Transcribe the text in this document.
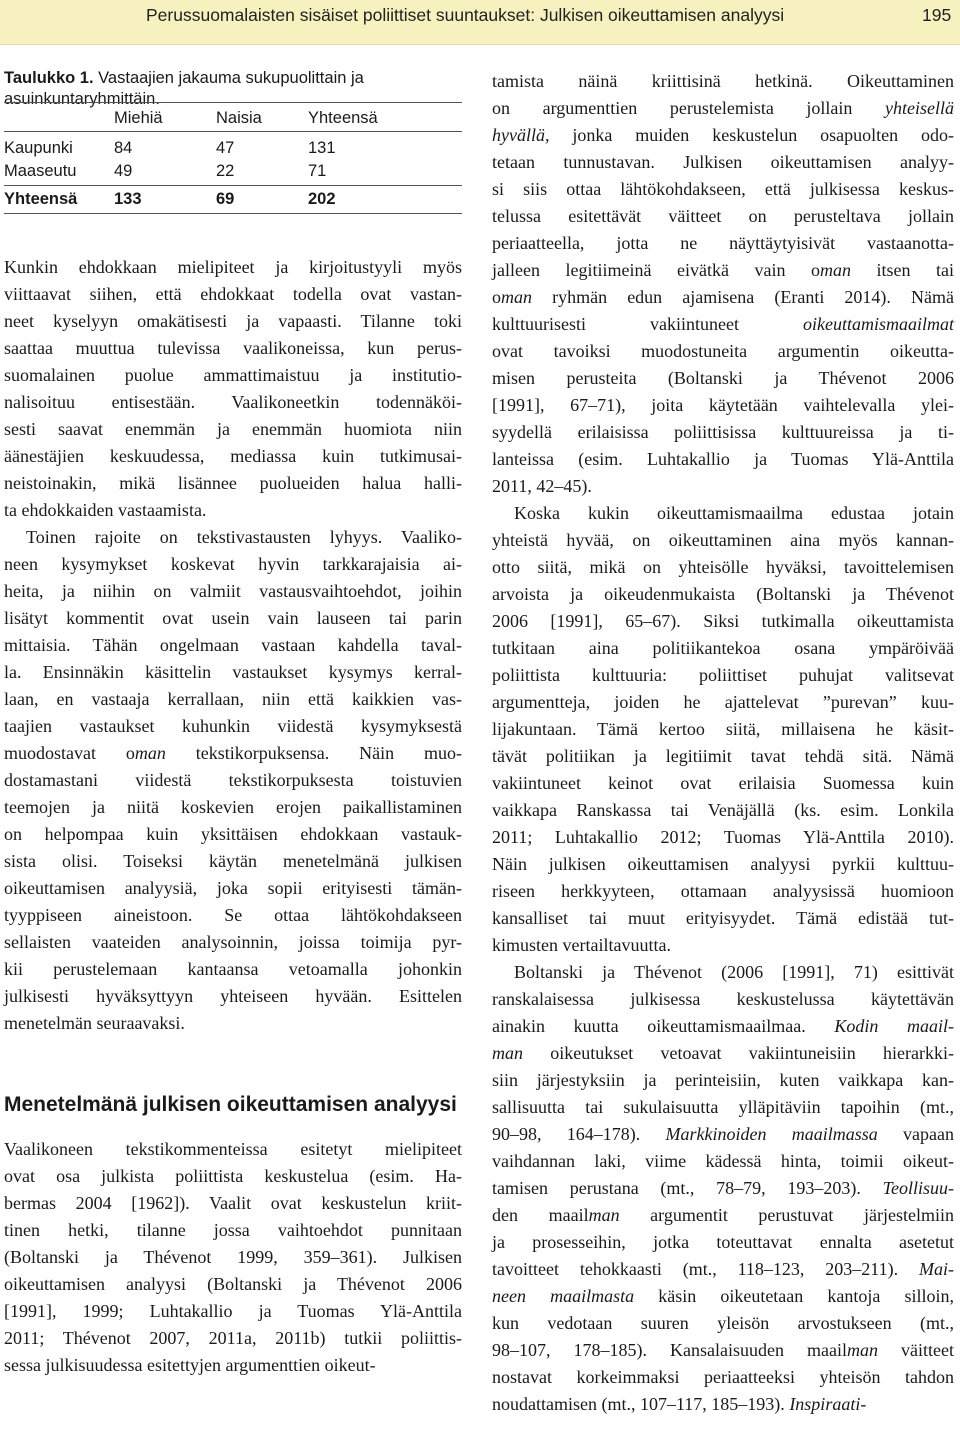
Perussuomalaisten sisäiset poliittiset suuntaukset: Julkisen oikeuttamisen analyysi	195
Taulukko 1. Vastaajien jakauma sukupuolittain ja
asuinkuntaryhmittäin.
	Miehiä	Naisia	Yhteensä
Kaupunki	84	47	131
Maaseutu	49	22	71
Yhteensä	133	69	202

Kunkin ehdokkaan mielipiteet ja kirjoitustyyli myös
viittaavat siihen, että ehdokkaat todella ovat vastan-
neet kyselyyn omakätisesti ja vapaasti. Tilanne toki
saattaa muuttua tulevissa vaalikoneissa, kun perus-
suomalainen puolue ammattimaistuu ja institutio-
nalisoituu entisestään. Vaalikoneetkin todennäköi-
sesti saavat enemmän ja enemmän huomiota niin
äänestäjien keskuudessa, mediassa kuin tutkimusai-
neistoinakin, mikä lisännee puolueiden halua halli-
ta ehdokkaiden vastaamista.

Toinen rajoite on tekstivastausten lyhyys. Vaaliko-
neen kysymykset koskevat hyvin tarkkarajaisia ai-
heita, ja niihin on valmiit vastausvaihtoehdot, joihin
lisätyt kommentit ovat usein vain lauseen tai parin
mittaisia. Tähän ongelmaan vastaan kahdella taval-
la. Ensinnäkin käsittelin vastaukset kysymys kerral-
laan, en vastaaja kerrallaan, niin että kaikkien vas-
taajien vastaukset kuhunkin viidestä kysymyksestä
muodostavat oman tekstikorpuksensa. Näin muo-
dostamastani viidestä tekstikorpuksesta toistuvien
teemojen ja niitä koskevien erojen paikallistaminen
on helpompaa kuin yksittäisen ehdokkaan vastauk-
sista olisi. Toiseksi käytän menetelmänä julkisen
oikeuttamisen analyysiä, joka sopii erityisesti tämän-
tyyppiseen aineistoon. Se ottaa lähtökohdakseen
sellaisten vaateiden analysoinnin, joissa toimija pyr-
kii perustelemaan kantaansa vetoamalla johonkin
julkisesti hyväksyttyyn yhteiseen hyvään. Esittelen
menetelmän seuraavaksi.

Menetelmänä julkisen oikeuttamisen analyysi

Vaalikoneen tekstikommenteissa esitetyt mielipiteet
ovat osa julkista poliittista keskustelua (esim. Ha-
bermas 2004 [1962]). Vaalit ovat keskustelun kriit-
tinen hetki, tilanne jossa vaihtoehdot punnitaan
(Boltanski ja Thévenot 1999, 359–361). Julkisen
oikeuttamisen analyysi (Boltanski ja Thévenot 2006
[1991], 1999; Luhtakallio ja Tuomas Ylä-Anttila
2011; Thévenot 2007, 2011a, 2011b) tutkii poliittis-
sessa julkisuudessa esitettyjen argumenttien oikeut-

tamista näinä kriittisinä hetkinä. Oikeuttaminen
on argumenttien perustelemista jollain yhteisellä
hyvällä, jonka muiden keskustelun osapuolten odo-
tetaan tunnustavan. Julkisen oikeuttamisen analyy-
si siis ottaa lähtökohdakseen, että julkisessa keskus-
telussa esitettävät väitteet on perusteltava jollain
periaatteella, jotta ne näyttäytyisivät vastaanotta-
jalleen legitiimeinä eivätkä vain oman itsen tai
oman ryhmän edun ajamisena (Eranti 2014). Nämä
kulttuurisesti vakiintuneet oikeuttamismaailmat
ovat tavoiksi muodostuneita argumentin oikeutta-
misen perusteita (Boltanski ja Thévenot 2006
[1991], 67–71), joita käytetään vaihtelevalla ylei-
syydellä erilaisissa poliittisissa kulttuureissa ja ti-
lanteissa (esim. Luhtakallio ja Tuomas Ylä-Anttila
2011, 42–45).

Koska kukin oikeuttamismaailma edustaa jotain
yhteistä hyvää, on oikeuttaminen aina myös kannan-
otto siitä, mikä on yhteisölle hyväksi, tavoittelemisen
arvoista ja oikeudenmukaista (Boltanski ja Thévenot
2006 [1991], 65–67). Siksi tutkimalla oikeuttamista
tutkitaan aina politiikantekoa osana ympäröivää
poliittista kulttuuria: poliittiset puhujat valitsevat
argumentteja, joiden he ajattelevat ”purevan” kuu-
lijakuntaan. Tämä kertoo siitä, millaisena he käsit-
tävät politiikan ja legitiimit tavat tehdä sitä. Nämä
vakiintuneet keinot ovat erilaisia Suomessa kuin
vaikkapa Ranskassa tai Venäjällä (ks. esim. Lonkila
2011; Luhtakallio 2012; Tuomas Ylä-Anttila 2010).
Näin julkisen oikeuttamisen analyysi pyrkii kulttuu-
riseen herkkyyteen, ottamaan analyysissä huomioon
kansalliset tai muut erityisyydet. Tämä edistää tut-
kimusten vertailtavuutta.

Boltanski ja Thévenot (2006 [1991], 71) esittivät
ranskalaisessa julkisessa keskustelussa käytettävän
ainakin kuutta oikeuttamismaailmaa. Kodin maail-
man oikeutukset vetoavat vakiintuneisiin hierarkki-
siin järjestyksiin ja perinteisiin, kuten vaikkapa kan-
sallisuutta tai sukulaisuutta ylläpitäviin tapoihin (mt.,
90–98, 164–178). Markkinoiden maailmassa vapaan
vaihdannan laki, viime kädessä hinta, toimii oikeut-
tamisen perustana (mt., 78–79, 193–203). Teollisuu-
den maailman argumentit perustuvat järjestelmiin
ja prosesseihin, jotka toteuttavat ennalta asetetut
tavoitteet tehokkaasti (mt., 118–123, 203–211). Mai-
neen maailmasta käsin oikeutetaan kantoja silloin,
kun vedotaan suuren yleisön arvostukseen (mt.,
98–107, 178–185). Kansalaisuuden maailman väitteet
nostavat korkeimmaksi periaatteeksi yhteisön tahdon
noudattamisen (mt., 107–117, 185–193). Inspiraati-
